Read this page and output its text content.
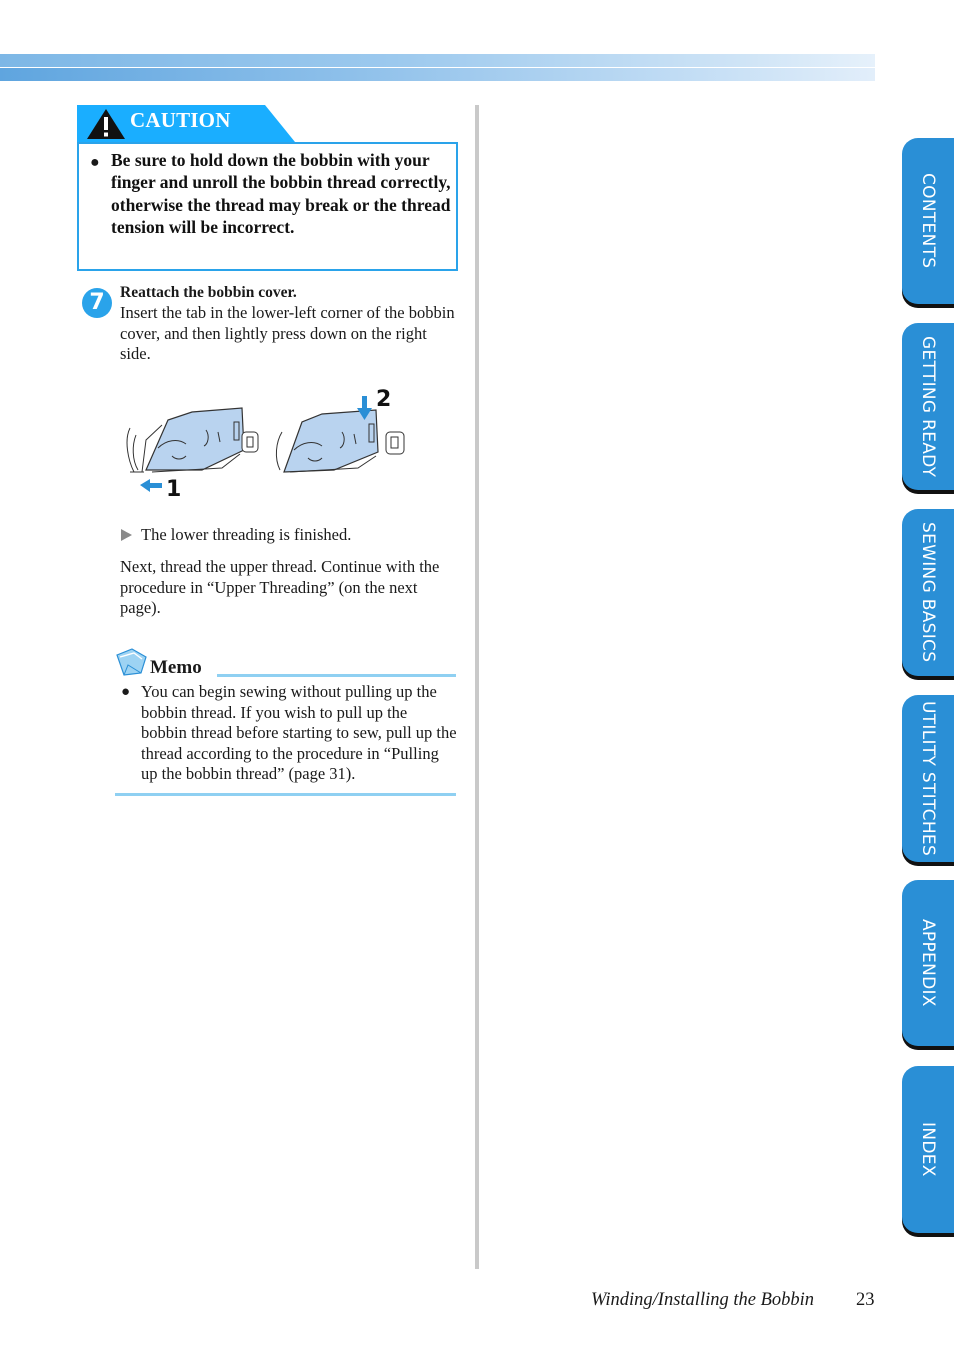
CAUTION
● Be sure to hold down the bobbin with your finger and unroll the bobbin thread correctly, otherwise the thread may break or the thread tension will be incorrect.
7 Reattach the bobbin cover.
Insert the tab in the lower-left corner of the bobbin cover, and then lightly press down on the right side.
1
2
The lower threading is finished.
Next, thread the upper thread. Continue with the procedure in “Upper Threading” (on the next page).
Memo
● You can begin sewing without pulling up the bobbin thread. If you wish to pull up the bobbin thread before starting to sew, pull up the thread according to the procedure in “Pulling up the bobbin thread” (page 31).
Winding/Installing the Bobbin 23
CONTENTS
GETTING READY
SEWING BASICS
UTILITY STITCHES
APPENDIX
INDEX
